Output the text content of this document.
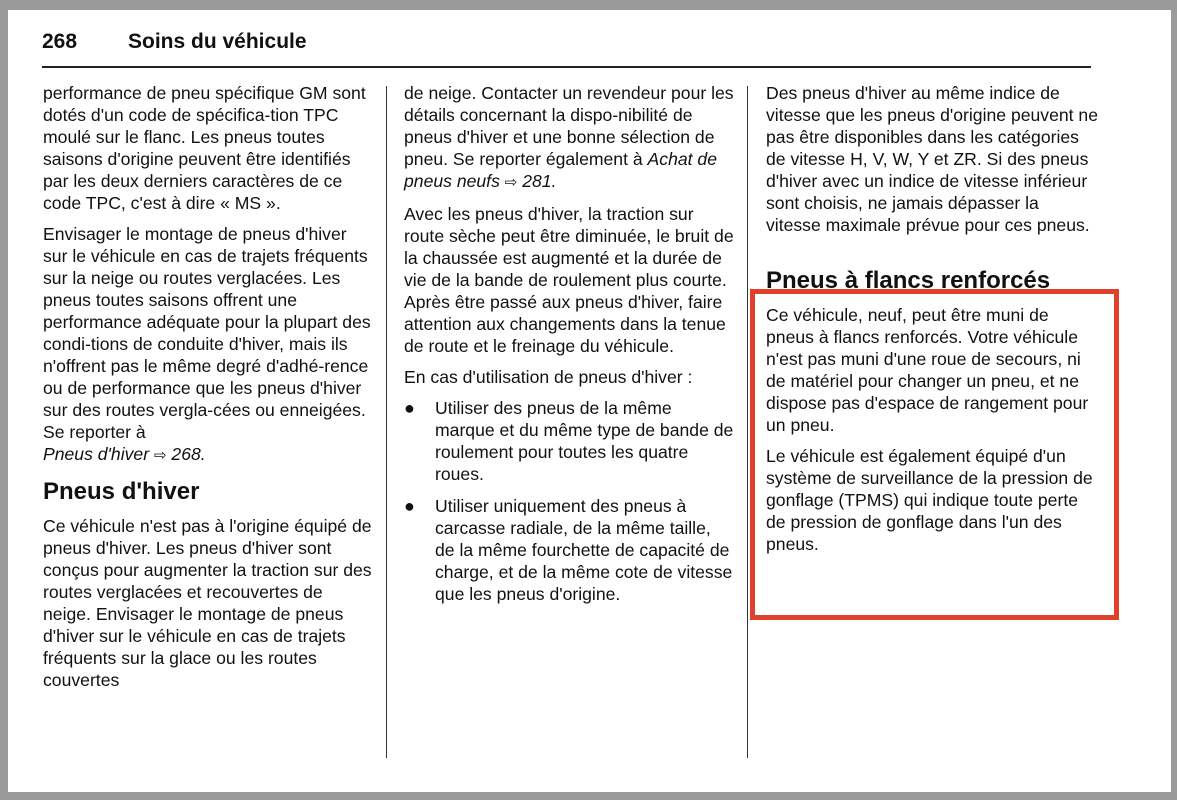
268	Soins du véhicule

performance de pneu spécifique GM sont dotés d'un code de spécifica-tion TPC moulé sur le flanc. Les pneus toutes saisons d'origine peuvent être identifiés par les deux derniers caractères de ce code TPC, c'est à dire « MS ».

Envisager le montage de pneus d'hiver sur le véhicule en cas de trajets fréquents sur la neige ou routes verglacées. Les pneus toutes saisons offrent une performance adéquate pour la plupart des condi-tions de conduite d'hiver, mais ils n'offrent pas le même degré d'adhé-rence ou de performance que les pneus d'hiver sur des routes vergla-cées ou enneigées. Se reporter à
Pneus d'hiver ⇨ 268.

Pneus d'hiver

Ce véhicule n'est pas à l'origine équipé de pneus d'hiver. Les pneus d'hiver sont conçus pour augmenter la traction sur des routes verglacées et recouvertes de neige. Envisager le montage de pneus d'hiver sur le véhicule en cas de trajets fréquents sur la glace ou les routes couvertes

de neige. Contacter un revendeur pour les détails concernant la dispo-nibilité de pneus d'hiver et une bonne sélection de pneu. Se reporter également à Achat de pneus neufs ⇨ 281.

Avec les pneus d'hiver, la traction sur route sèche peut être diminuée, le bruit de la chaussée est augmenté et la durée de vie de la bande de roulement plus courte. Après être passé aux pneus d'hiver, faire attention aux changements dans la tenue de route et le freinage du véhicule.

En cas d'utilisation de pneus d'hiver :

● Utiliser des pneus de la même marque et du même type de bande de roulement pour toutes les quatre roues.
● Utiliser uniquement des pneus à carcasse radiale, de la même taille, de la même fourchette de capacité de charge, et de la même cote de vitesse que les pneus d'origine.

Des pneus d'hiver au même indice de vitesse que les pneus d'origine peuvent ne pas être disponibles dans les catégories de vitesse H, V, W, Y et ZR. Si des pneus d'hiver avec un indice de vitesse inférieur sont choisis, ne jamais dépasser la vitesse maximale prévue pour ces pneus.

Pneus à flancs renforcés

Ce véhicule, neuf, peut être muni de pneus à flancs renforcés. Votre véhicule n'est pas muni d'une roue de secours, ni de matériel pour changer un pneu, et ne dispose pas d'espace de rangement pour un pneu.

Le véhicule est également équipé d'un système de surveillance de la pression de gonflage (TPMS) qui indique toute perte de pression de gonflage dans l'un des pneus.
